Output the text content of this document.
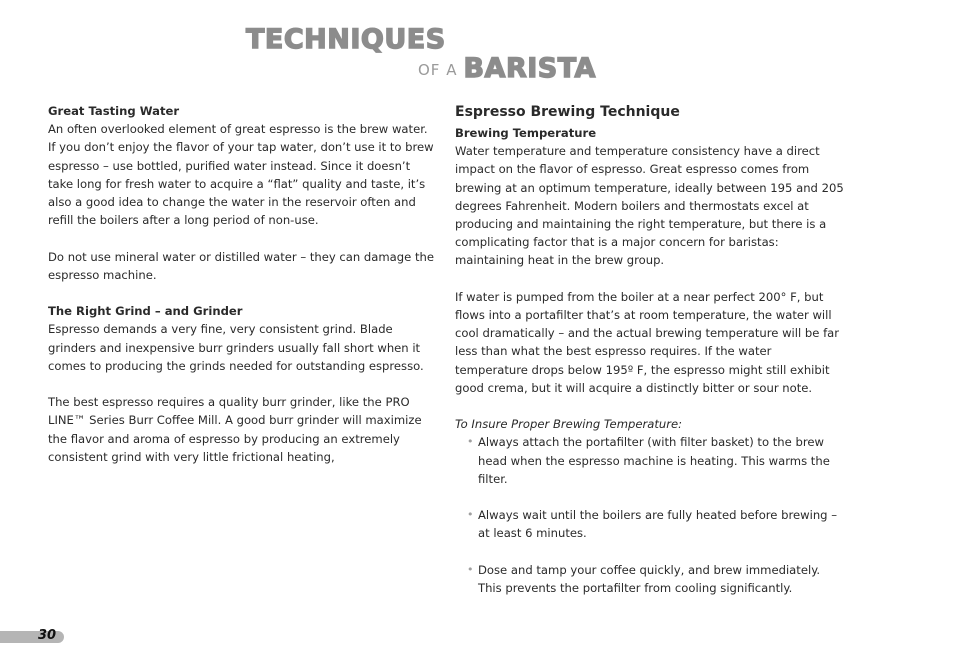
TECHNIQUES
OF A BARISTA

Great Tasting Water

An often overlooked element of great espresso is the brew water. If you don’t enjoy the flavor of your tap water, don’t use it to brew espresso – use bottled, purified water instead. Since it doesn’t take long for fresh water to acquire a “flat” quality and taste, it’s also a good idea to change the water in the reservoir often and refill the boilers after a long period of non-use.

Do not use mineral water or distilled water – they can damage the espresso machine.

The Right Grind – and Grinder

Espresso demands a very fine, very consistent grind. Blade grinders and inexpensive burr grinders usually fall short when it comes to producing the grinds needed for outstanding espresso.

The best espresso requires a quality burr grinder, like the PRO LINE™ Series Burr Coffee Mill. A good burr grinder will maximize the flavor and aroma of espresso by producing an extremely consistent grind with very little frictional heating,

Espresso Brewing Technique

Brewing Temperature

Water temperature and temperature consistency have a direct impact on the flavor of espresso. Great espresso comes from brewing at an optimum temperature, ideally between 195 and 205 degrees Fahrenheit. Modern boilers and thermostats excel at producing and maintaining the right temperature, but there is a complicating factor that is a major concern for baristas: maintaining heat in the brew group.

If water is pumped from the boiler at a near perfect 200° F, but flows into a portafilter that’s at room temperature, the water will cool dramatically – and the actual brewing temperature will be far less than what the best espresso requires. If the water temperature drops below 195º F, the espresso might still exhibit good crema, but it will acquire a distinctly bitter or sour note.

To Insure Proper Brewing Temperature:

• Always attach the portafilter (with filter basket) to the brew head when the espresso machine is heating. This warms the filter.
• Always wait until the boilers are fully heated before brewing – at least 6 minutes.
• Dose and tamp your coffee quickly, and brew immediately. This prevents the portafilter from cooling significantly.
30
